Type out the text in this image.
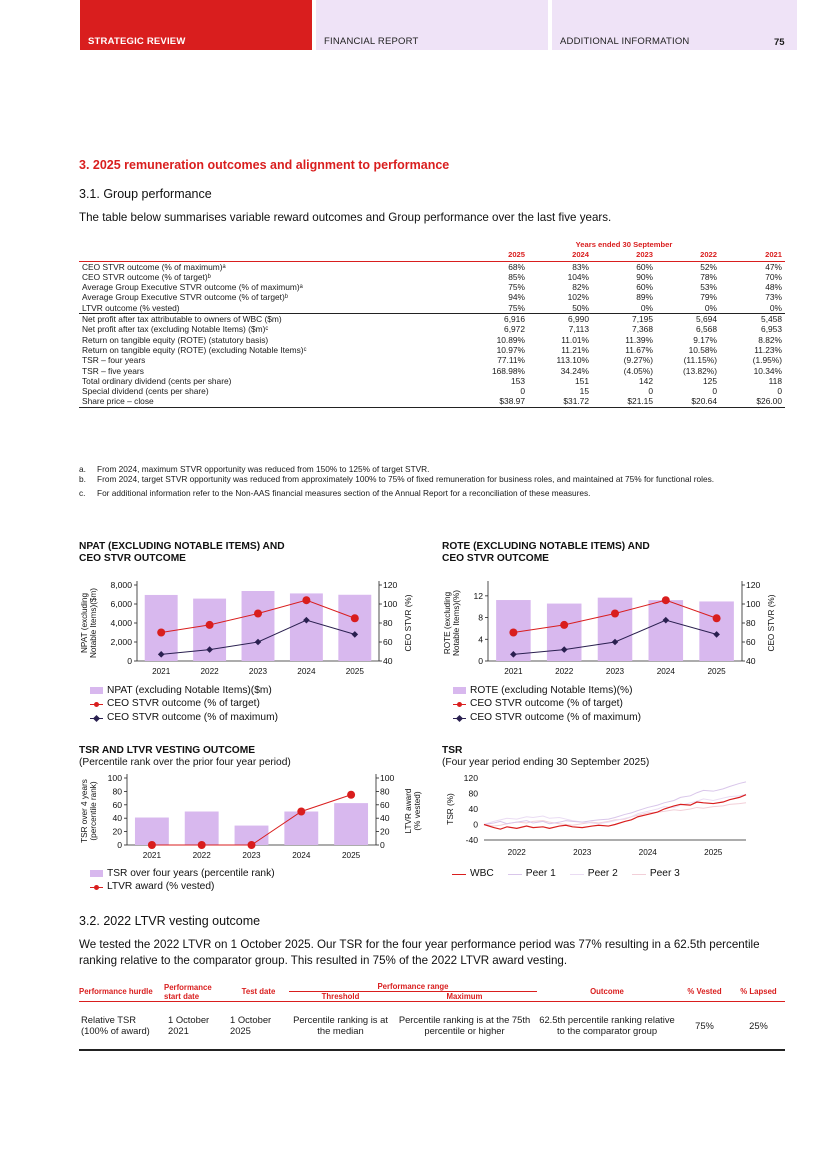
STRATEGIC REVIEW	FINANCIAL REPORT	ADDITIONAL INFORMATION	75
3. 2025 remuneration outcomes and alignment to performance
3.1. Group performance
The table below summarises variable reward outcomes and Group performance over the last five years.
		Years ended 30 September			
	2025	2024	2023	2022	2021
CEO STVR outcome (% of maximum)ᵃ	68%	83%	60%	52%	47%
CEO STVR outcome (% of target)ᵇ	85%	104%	90%	78%	70%
Average Group Executive STVR outcome (% of maximum)ᵃ	75%	82%	60%	53%	48%
Average Group Executive STVR outcome (% of target)ᵇ	94%	102%	89%	79%	73%
LTVR outcome (% vested)	75%	50%	0%	0%	0%
Net profit after tax attributable to owners of WBC ($m)	6,916	6,990	7,195	5,694	5,458
Net profit after tax (excluding Notable Items) ($m)ᶜ	6,972	7,113	7,368	6,568	6,953
Return on tangible equity (ROTE) (statutory basis)	10.89%	11.01%	11.39%	9.17%	8.82%
Return on tangible equity (ROTE) (excluding Notable Items)ᶜ	10.97%	11.21%	11.67%	10.58%	11.23%
TSR – four years	77.11%	113.10%	(9.27%)	(11.15%)	(1.95%)
TSR – five years	168.98%	34.24%	(4.05%)	(13.82%)	10.34%
Total ordinary dividend (cents per share)	153	151	142	125	118
Special dividend (cents per share)	0	15	0	0	0
Share price – close	$38.97	$31.72	$21.15	$20.64	$26.00
a.	From 2024, maximum STVR opportunity was reduced from 150% to 125% of target STVR.
b.	From 2024, target STVR opportunity was reduced from approximately 100% to 75% of fixed remuneration for business roles, and maintained at 75% for functional roles.
c.	For additional information refer to the Non-AAS financial measures section of the Annual Report for a reconciliation of these measures.
NPAT (EXCLUDING NOTABLE ITEMS) AND
CEO STVR OUTCOME
0
2,000
4,000
6,000
8,000
40
60
80
100
120
2021	2022	2023	2024	2025
NPAT (excluding Notable Items)($m)	CEO STVR (%)
NPAT (excluding Notable Items)($m)
CEO STVR outcome (% of target)
CEO STVR outcome (% of maximum)
ROTE (EXCLUDING NOTABLE ITEMS) AND
CEO STVR OUTCOME
0
4
8
12
40
60
80
100
120
2021	2022	2023	2024	2025
ROTE (excluding Notable Items)(%)	CEO STVR (%)
ROTE (excluding Notable Items)(%)
CEO STVR outcome (% of target)
CEO STVR outcome (% of maximum)
TSR AND LTVR VESTING OUTCOME
(Percentile rank over the prior four year period)
0
20
40
60
80
100
0
20
40
60
80
100
2021	2022	2023	2024	2025
TSR over 4 years (percentile rank)	LTVR award (% vested)
TSR over four years (percentile rank)
LTVR award (% vested)
TSR
(Four year period ending 30 September 2025)
120
80
40
0
-40
2022	2023	2024	2025
TSR (%)
WBC	Peer 1	Peer 2	Peer 3
3.2. 2022 LTVR vesting outcome
We tested the 2022 LTVR on 1 October 2025. Our TSR for the four year performance period was 77% resulting in a 62.5th percentile ranking relative to the comparator group. This resulted in 75% of the 2022 LTVR award vesting.
Performance hurdle	Performance start date	Test date	Performance range		Outcome	% Vested	% Lapsed
			Threshold	Maximum			
Relative TSR (100% of award)	1 October 2021	1 October 2025	Percentile ranking is at the median	Percentile ranking is at the 75th percentile or higher	62.5th percentile ranking relative to the comparator group	75%	25%
